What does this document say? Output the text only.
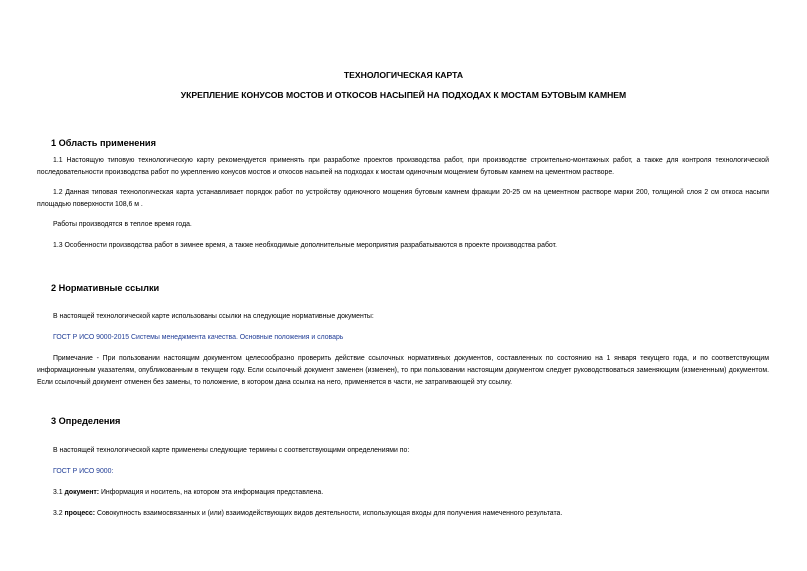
ТЕХНОЛОГИЧЕСКАЯ КАРТА
УКРЕПЛЕНИЕ КОНУСОВ МОСТОВ И ОТКОСОВ НАСЫПЕЙ НА ПОДХОДАХ К МОСТАМ БУТОВЫМ КАМНЕМ
1 Область применения
1.1 Настоящую типовую технологическую карту рекомендуется применять при разработке проектов производства работ, при производстве строительно-монтажных работ, а также для контроля технологической последовательности производства работ по укреплению конусов мостов и откосов насыпей на подходах к мостам одиночным мощением бутовым камнем на цементном растворе.
1.2 Данная типовая технологическая карта устанавливает порядок работ по устройству одиночного мощения бутовым камнем фракции 20-25 см на цементном растворе марки 200, толщиной слоя 2 см откоса насыпи площадью поверхности 108,6 м .
Работы производятся в теплое время года.
1.3 Особенности производства работ в зимнее время, а также необходимые дополнительные мероприятия разрабатываются в проекте производства работ.
2 Нормативные ссылки
В настоящей технологической карте использованы ссылки на следующие нормативные документы:
ГОСТ Р ИСО 9000-2015 Системы менеджмента качества. Основные положения и словарь
Примечание - При пользовании настоящим документом целесообразно проверить действие ссылочных нормативных документов, составленных по состоянию на 1 января текущего года, и по соответствующим информационным указателям, опубликованным в текущем году. Если ссылочный документ заменен (изменен), то при пользовании настоящим документом следует руководствоваться заменяющим (измененным) документом. Если ссылочный документ отменен без замены, то положение, в котором дана ссылка на него, применяется в части, не затрагивающей эту ссылку.
3 Определения
В настоящей технологической карте применены следующие термины с соответствующими определениями по:
ГОСТ Р ИСО 9000:
3.1 документ: Информация и носитель, на котором эта информация представлена.
3.2 процесс: Совокупность взаимосвязанных и (или) взаимодействующих видов деятельности, использующая входы для получения намеченного результата.
